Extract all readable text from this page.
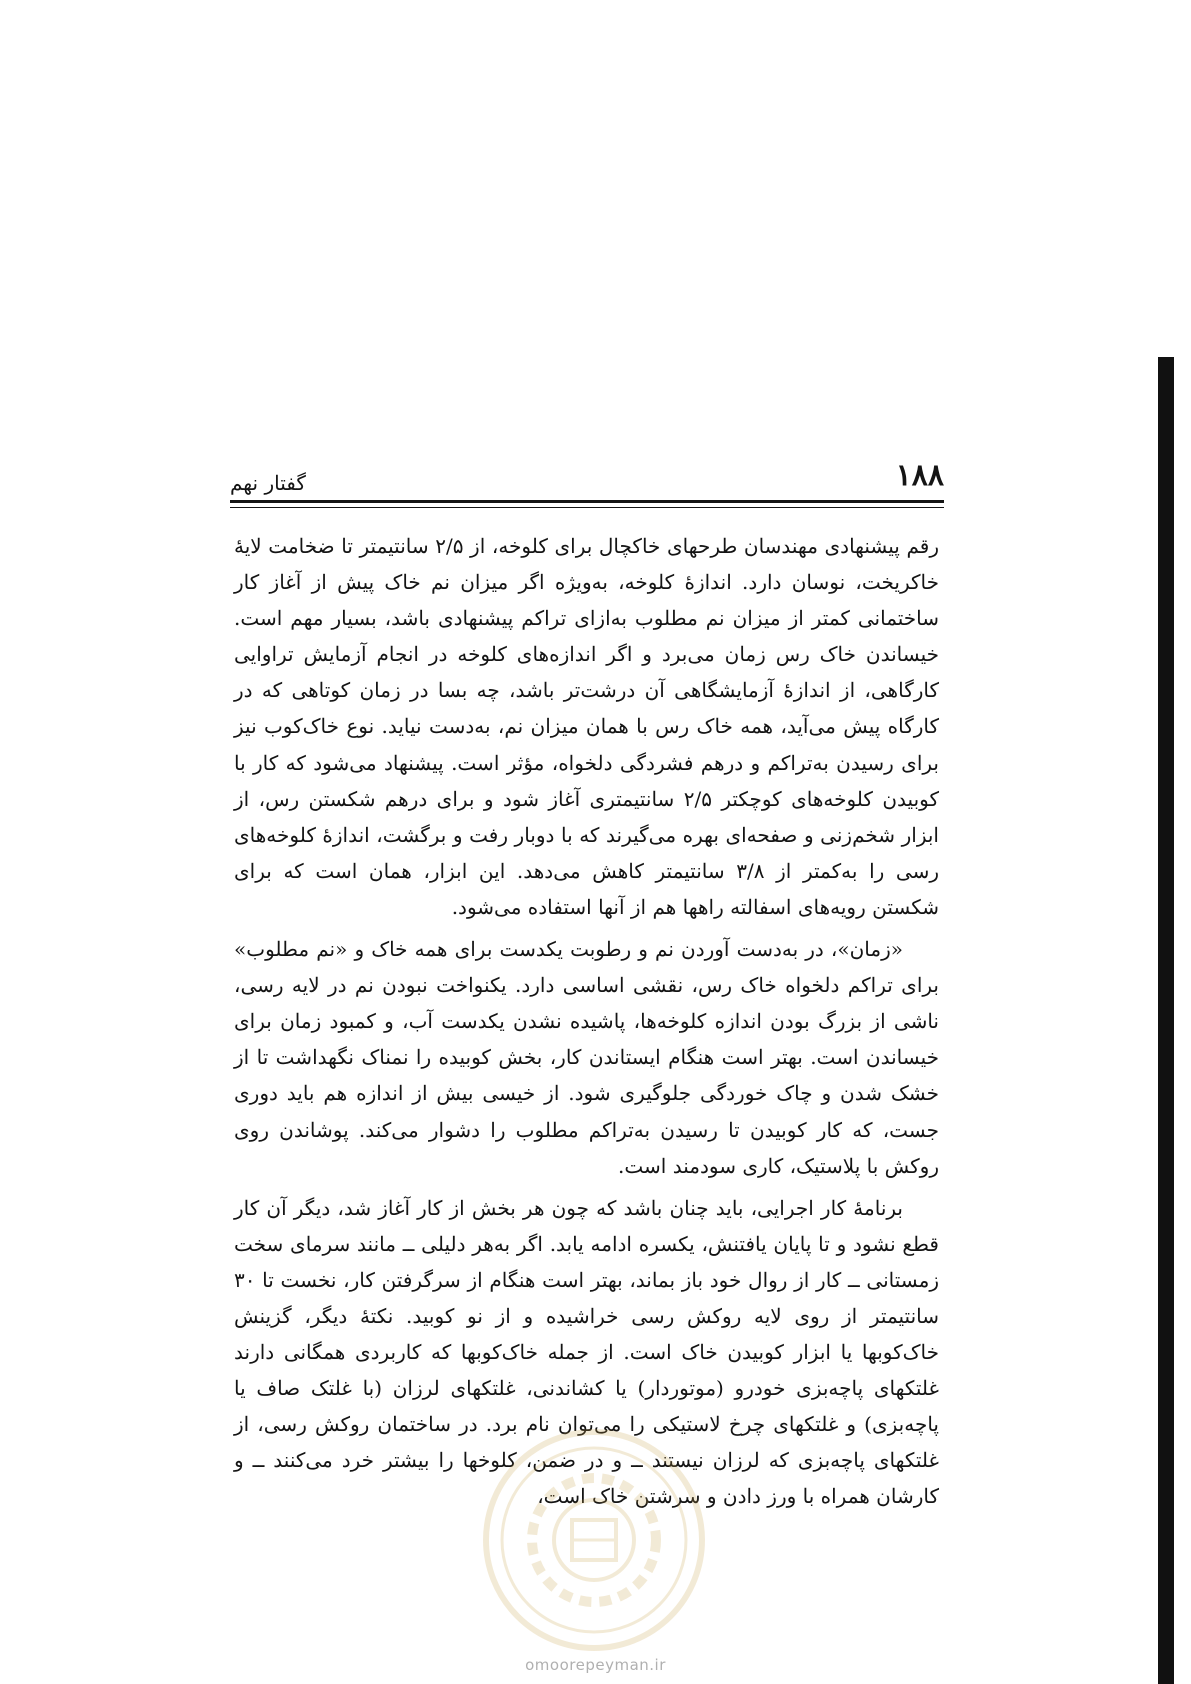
۱۸۸
گفتار نهم

رقم پیشنهادی مهندسان طرحهای خاکچال برای کلوخه، از ۲/۵ سانتیمتر تا ضخامت لایهٔ خاکریخت، نوسان دارد. اندازهٔ کلوخه، به‌ویژه اگر میزان نم خاک پیش از آغاز کار ساختمانی کمتر از میزان نم مطلوب به‌ازای تراکم پیشنهادی باشد، بسیار مهم است. خیساندن خاک رس زمان می‌برد و اگر اندازه‌های کلوخه در انجام آزمایش تراوایی کارگاهی، از اندازهٔ آزمایشگاهی آن درشت‌تر باشد، چه بسا در زمان کوتاهی که در کارگاه پیش می‌آید، همه خاک رس با همان میزان نم، به‌دست نیاید. نوع خاک‌کوب نیز برای رسیدن به‌تراکم و درهم فشردگی دلخواه، مؤثر است. پیشنهاد می‌شود که کار با کوبیدن کلوخه‌های کوچکتر ۲/۵ سانتیمتری آغاز شود و برای درهم شکستن رس، از ابزار شخم‌زنی و صفحه‌ای بهره می‌گیرند که با دوبار رفت و برگشت، اندازهٔ کلوخه‌های رسی را به‌کمتر از ۳/۸ سانتیمتر کاهش می‌دهد. این ابزار، همان است که برای شکستن رویه‌های اسفالته راهها هم از آنها استفاده می‌شود.

«زمان»، در به‌دست آوردن نم و رطوبت یکدست برای همه خاک و «نم مطلوب» برای تراکم دلخواه خاک رس، نقشی اساسی دارد. یکنواخت نبودن نم در لایه رسی، ناشی از بزرگ بودن اندازه کلوخه‌ها، پاشیده نشدن یکدست آب، و کمبود زمان برای خیساندن است. بهتر است هنگام ایستاندن کار، بخش کوبیده را نمناک نگهداشت تا از خشک شدن و چاک خوردگی جلوگیری شود. از خیسی بیش از اندازه هم باید دوری جست، که کار کوبیدن تا رسیدن به‌تراکم مطلوب را دشوار می‌کند. پوشاندن روی روکش با پلاستیک، کاری سودمند است.

برنامهٔ کار اجرایی، باید چنان باشد که چون هر بخش از کار آغاز شد، دیگر آن کار قطع نشود و تا پایان یافتنش، یکسره ادامه یابد. اگر به‌هر دلیلی ــ مانند سرمای سخت زمستانی ــ کار از روال خود باز بماند، بهتر است هنگام از سرگرفتن کار، نخست تا ۳۰ سانتیمتر از روی لایه روکش رسی خراشیده و از نو کوبید. نکتهٔ دیگر، گزینش خاک‌کوبها یا ابزار کوبیدن خاک است. از جمله خاک‌کوبها که کاربردی همگانی دارند غلتکهای پاچه‌بزی خودرو (موتوردار) یا کشاندنی، غلتکهای لرزان (با غلتک صاف یا پاچه‌بزی) و غلتکهای چرخ لاستیکی را می‌توان نام برد. در ساختمان روکش رسی، از غلتکهای پاچه‌بزی که لرزان نیستند ــ و در ضمن، کلوخها را بیشتر خرد می‌کنند ــ و کارشان همراه با ورز دادن و سرشتن خاک است،

omoorepeyman.ir
